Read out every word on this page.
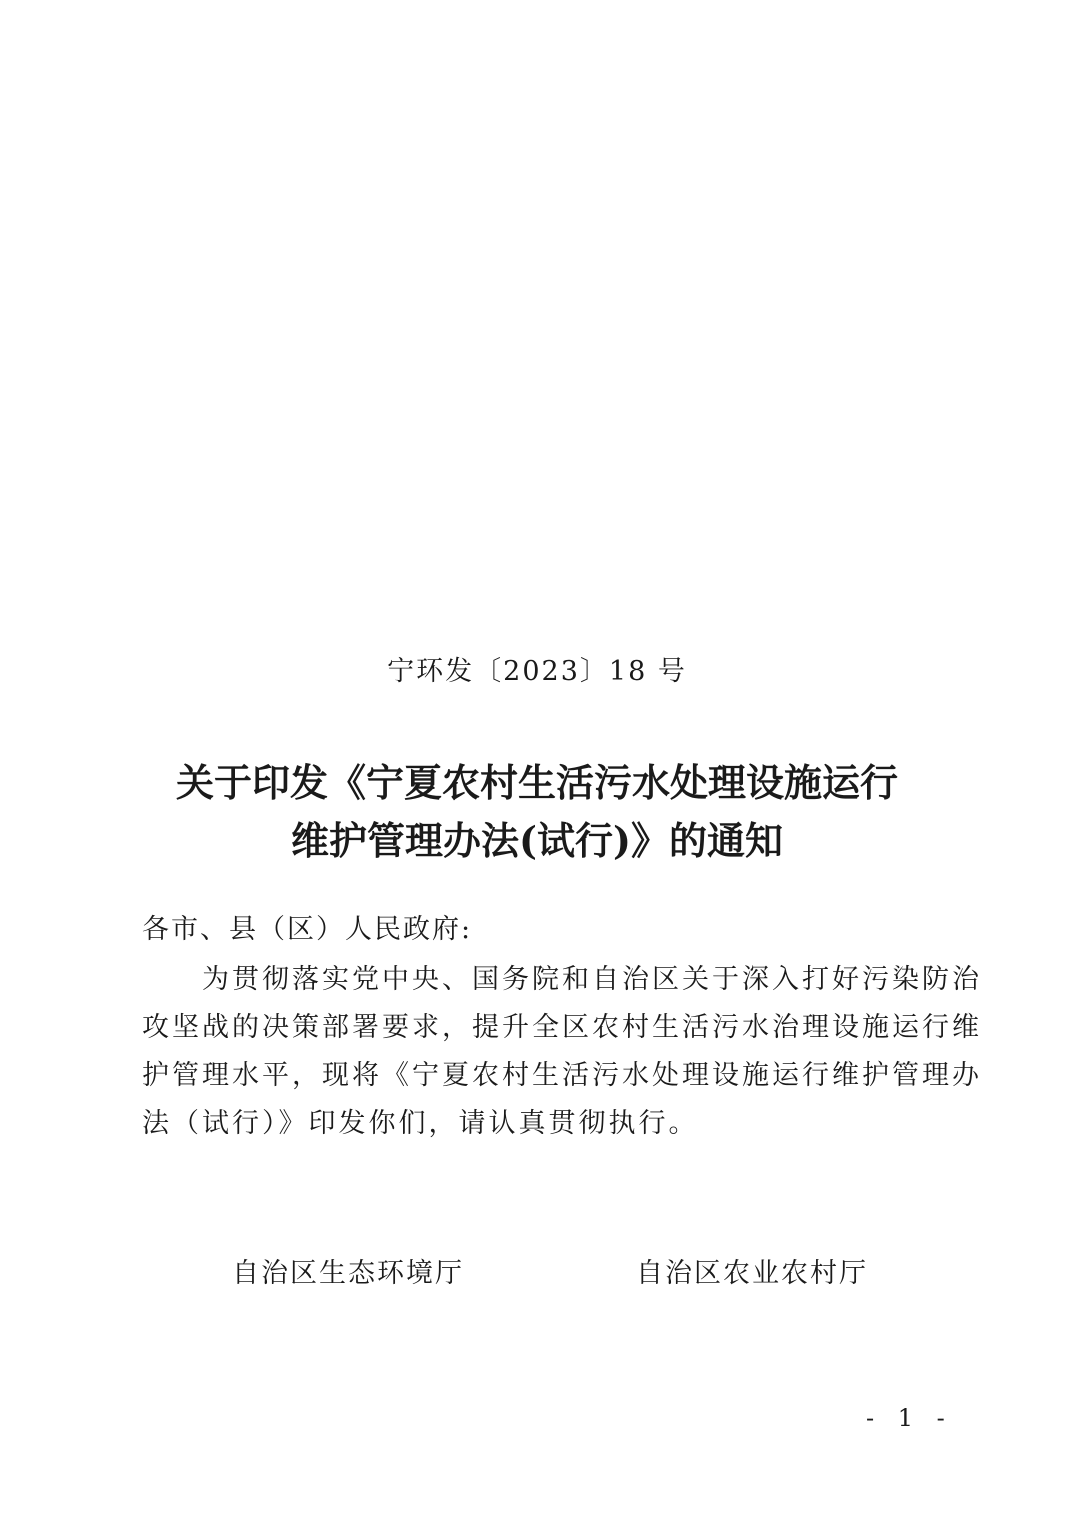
宁环发〔2023〕18 号
关于印发《宁夏农村生活污水处理设施运行
维护管理办法(试行)》的通知
各市、县（区）人民政府:
为贯彻落实党中央、国务院和自治区关于深入打好污染防治
攻坚战的决策部署要求，提升全区农村生活污水治理设施运行维
护管理水平，现将《宁夏农村生活污水处理设施运行维护管理办
法（试行）》印发你们，请认真贯彻执行。
自治区生态环境厅	自治区农业农村厅
- 1 -
